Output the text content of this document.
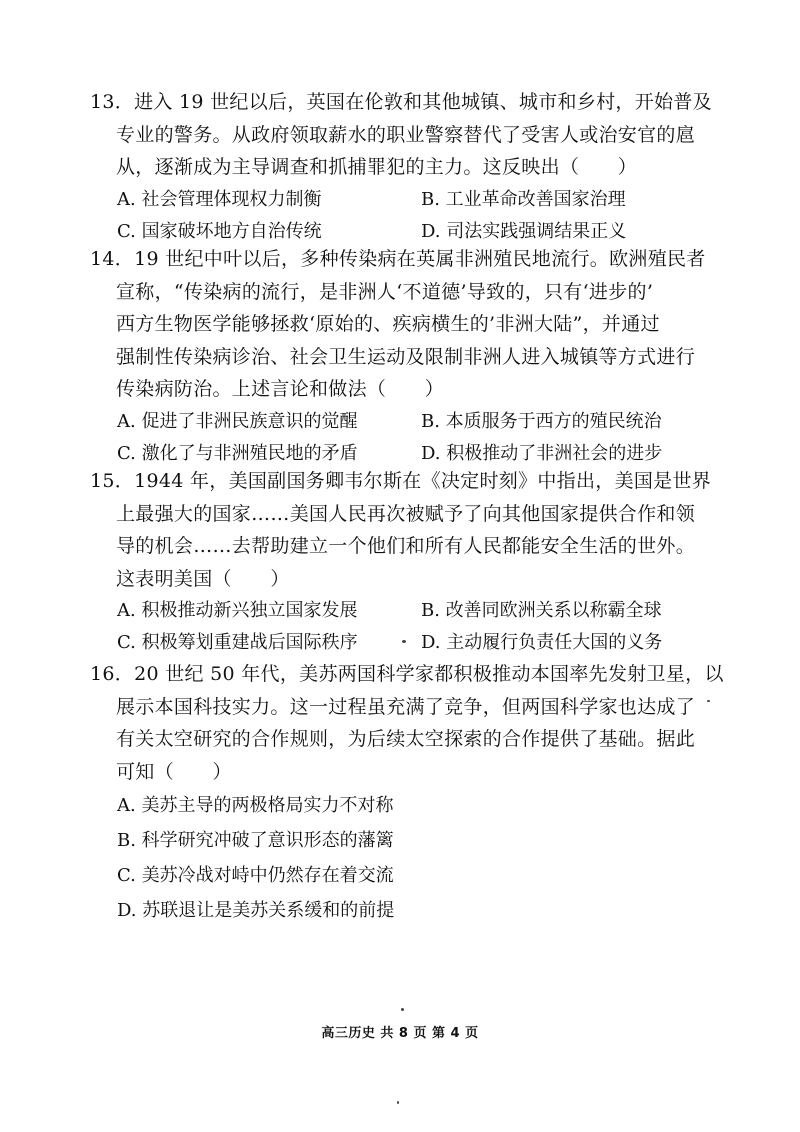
13．进入 19 世纪以后，英国在伦敦和其他城镇、城市和乡村，开始普及
专业的警务。从政府领取薪水的职业警察替代了受害人或治安官的扈
从，逐渐成为主导调查和抓捕罪犯的主力。这反映出（　　）
A. 社会管理体现权力制衡	B. 工业革命改善国家治理
C. 国家破坏地方自治传统	D. 司法实践强调结果正义
14．19 世纪中叶以后，多种传染病在英属非洲殖民地流行。欧洲殖民者
宣称，“传染病的流行，是非洲人‘不道德’导致的，只有‘进步的’
西方生物医学能够拯救‘原始的、疾病横生的’非洲大陆”，并通过
强制性传染病诊治、社会卫生运动及限制非洲人进入城镇等方式进行
传染病防治。上述言论和做法（　　）
A. 促进了非洲民族意识的觉醒	B. 本质服务于西方的殖民统治
C. 激化了与非洲殖民地的矛盾	D. 积极推动了非洲社会的进步
15．1944 年，美国副国务卿韦尔斯在《决定时刻》中指出，美国是世界
上最强大的国家……美国人民再次被赋予了向其他国家提供合作和领
导的机会……去帮助建立一个他们和所有人民都能安全生活的世外。
这表明美国（　　）
A. 积极推动新兴独立国家发展	B. 改善同欧洲关系以称霸全球
C. 积极筹划重建战后国际秩序	D. 主动履行负责任大国的义务
16．20 世纪 50 年代，美苏两国科学家都积极推动本国率先发射卫星，以
展示本国科技实力。这一过程虽充满了竞争，但两国科学家也达成了
有关太空研究的合作规则，为后续太空探索的合作提供了基础。据此
可知（　　）
A. 美苏主导的两极格局实力不对称
B. 科学研究冲破了意识形态的藩篱
C. 美苏冷战对峙中仍然存在着交流
D. 苏联退让是美苏关系缓和的前提
高三历史 共 8 页 第 4 页
